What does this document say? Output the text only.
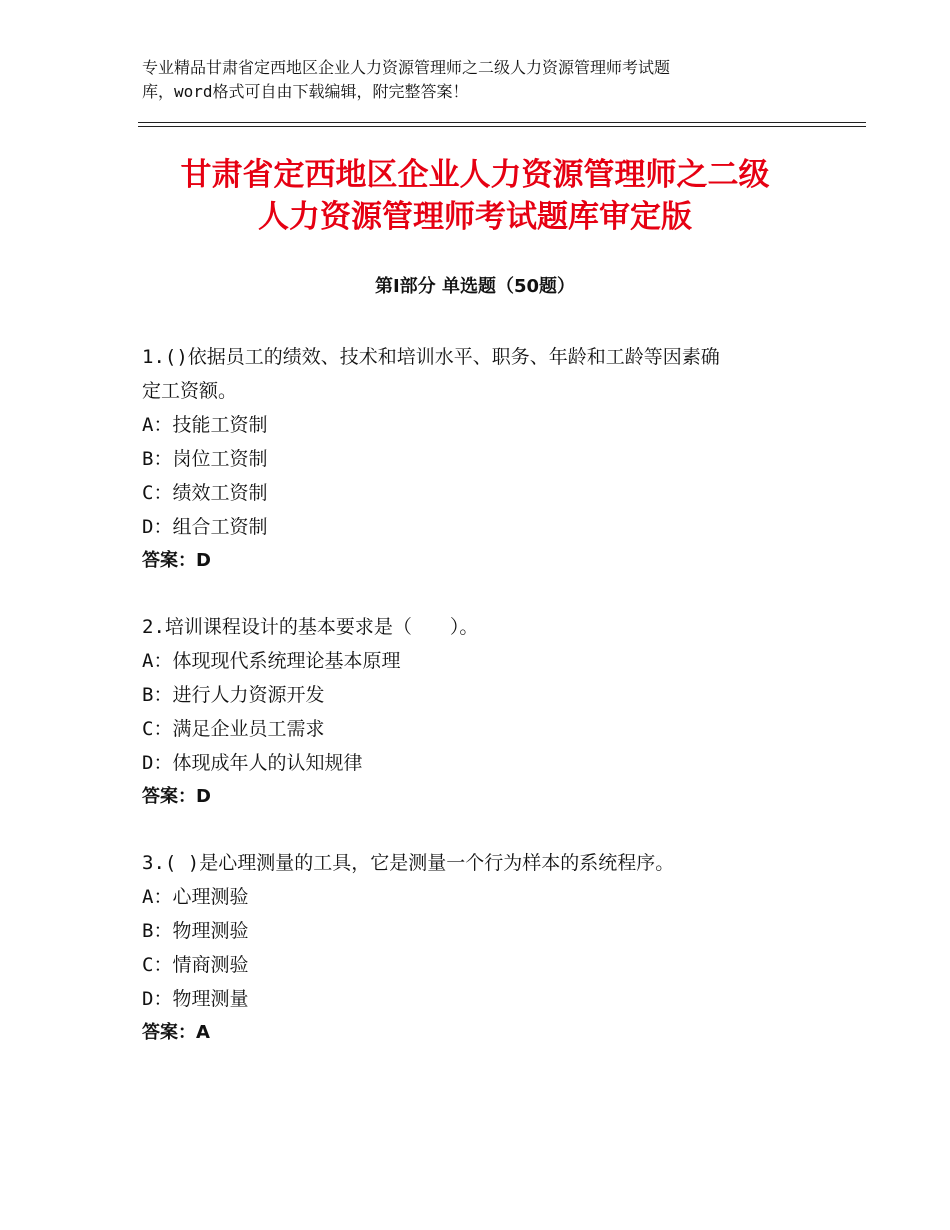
专业精品甘肃省定西地区企业人力资源管理师之二级人力资源管理师考试题
库，word格式可自由下载编辑，附完整答案！
甘肃省定西地区企业人力资源管理师之二级
人力资源管理师考试题库审定版
第Ⅰ部分 单选题（50题）
1.()依据员工的绩效、技术和培训水平、职务、年龄和工龄等因素确
定工资额。
A：技能工资制
B：岗位工资制
C：绩效工资制
D：组合工资制
答案：D
2.培训课程设计的基本要求是（　　）。
A：体现现代系统理论基本原理
B：进行人力资源开发
C：满足企业员工需求
D：体现成年人的认知规律
答案：D
3.( )是心理测量的工具，它是测量一个行为样本的系统程序。
A：心理测验
B：物理测验
C：情商测验
D：物理测量
答案：A
